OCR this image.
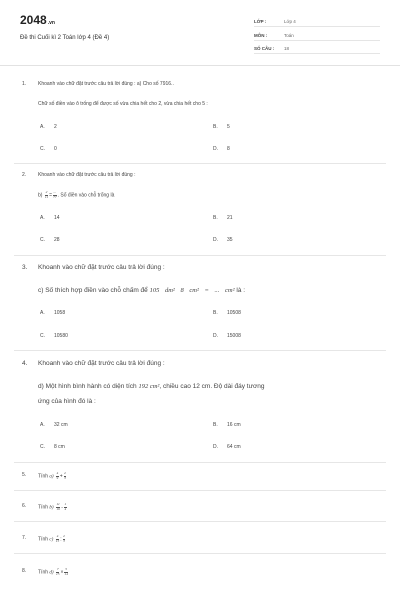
2048.vn
Đề thi Cuối kì 2 Toán lớp 4 (Đề 4)
LỚP :	Lớp 4
MÔN :	Toán
SỐ CÂU : 18
1. Khoanh vào chữ đặt trước câu trả lời đúng : a) Cho số 7916..
Chữ số điền vào ô trống để được số vừa chia hết cho 2, vừa chia hết cho 5 :
A. 2	B. 5
C. 0	D. 8
2. Khoanh vào chữ đặt trước câu trả lời đúng :
$b) \frac{2}{11} = \frac{...}{77}$ . Số điền vào chỗ trống là
A. 14	B. 21
C. 28	D. 35
3. Khoanh vào chữ đặt trước câu trả lời đúng :
c) Số thích hợp điền vào chỗ chấm để 105 dm² 8 cm² = ... cm² là :
A. 1058	B. 10508
C. 10580	D. 15008
4. Khoanh vào chữ đặt trước câu trả lời đúng :
d) Một hình bình hành có diện tích 192 cm², chiều cao 12 cm. Độ dài đáy tương
ứng của hình đó là :
A. 32 cm	B. 16 cm
C. 8 cm	D. 64 cm
5. Tính $a) \frac{4}{9} + \frac{2}{3}$
6. Tính $b) \frac{11}{16} - \frac{1}{4}$
7. Tính $c) \frac{4}{15}$ : $\frac{2}{3}$
8. Tính $d) \frac{7}{15} \times \frac{5}{14}$
